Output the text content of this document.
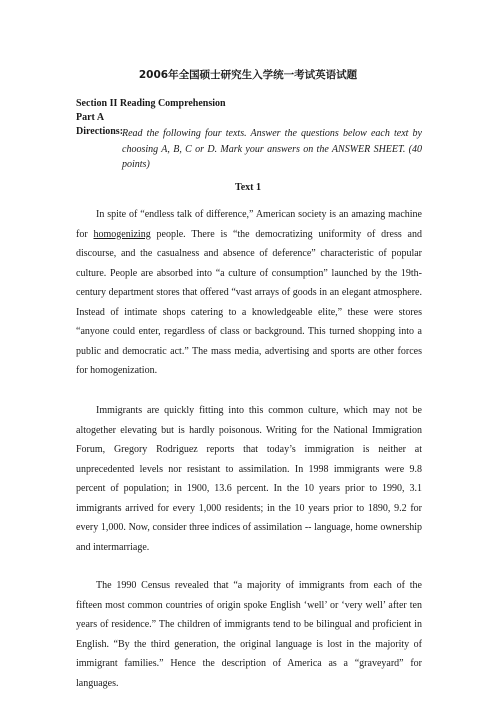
2006年全国硕士研究生入学统一考试英语试题
Section II Reading Comprehension
Part A
Directions:
Read the following four texts. Answer the questions below each text by choosing A, B, C or D. Mark your answers on the ANSWER SHEET. (40 points)
Text 1

In spite of “endless talk of difference,” American society is an amazing machine for homogenizing people. There is “the democratizing uniformity of dress and discourse, and the casualness and absence of deference” characteristic of popular culture. People are absorbed into “a culture of consumption” launched by the 19th-century department stores that offered “vast arrays of goods in an elegant atmosphere. Instead of intimate shops catering to a knowledgeable elite,” these were stores “anyone could enter, regardless of class or background. This turned shopping into a public and democratic act.” The mass media, advertising and sports are other forces for homogenization.

Immigrants are quickly fitting into this common culture, which may not be altogether elevating but is hardly poisonous. Writing for the National Immigration Forum, Gregory Rodriguez reports that today’s immigration is neither at unprecedented levels nor resistant to assimilation. In 1998 immigrants were 9.8 percent of population; in 1900, 13.6 percent. In the 10 years prior to 1990, 3.1 immigrants arrived for every 1,000 residents; in the 10 years prior to 1890, 9.2 for every 1,000. Now, consider three indices of assimilation -- language, home ownership and intermarriage.

The 1990 Census revealed that “a majority of immigrants from each of the fifteen most common countries of origin spoke English ‘well’ or ‘very well’ after ten years of residence.” The children of immigrants tend to be bilingual and proficient in English. “By the third generation, the original language is lost in the majority of immigrant families.” Hence the description of America as a “graveyard” for languages.
